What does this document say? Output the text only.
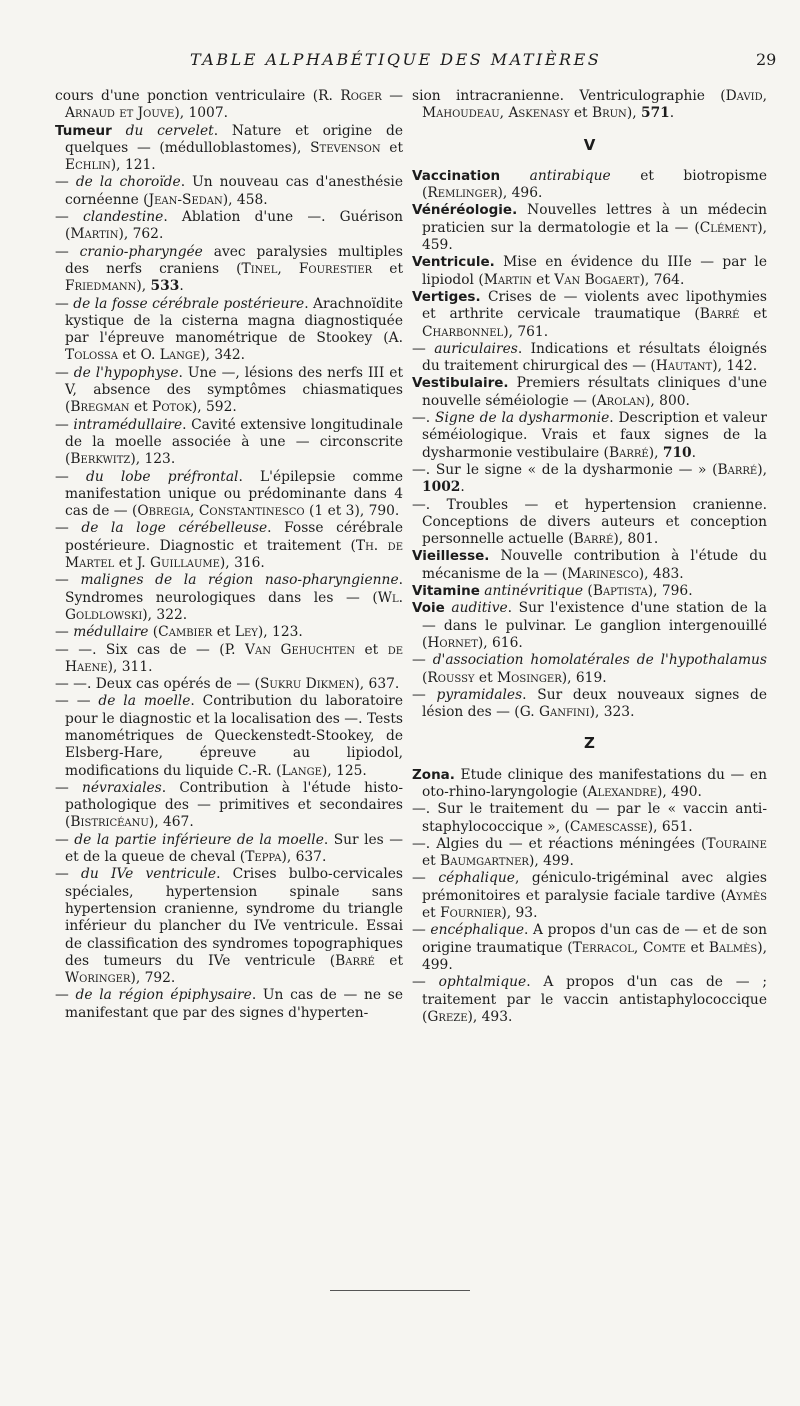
TABLE ALPHABÉTIQUE DES MATIÈRES	29

cours d'une ponction ventriculaire (R. Roger — Arnaud et Jouve), 1007.

Tumeur du cervelet. Nature et origine de quelques — (médulloblastomes), Stevenson et Echlin), 121.

— de la choroïde. Un nouveau cas d'anesthésie cornéenne (Jean-Sedan), 458.

— clandestine. Ablation d'une —. Guérison (Martin), 762.

— cranio-pharyngée avec paralysies multiples des nerfs craniens (Tinel, Fourestier et Friedmann), 533.

— de la fosse cérébrale postérieure. Arachnoïdite kystique de la cisterna magna diagnostiquée par l'épreuve manométrique de Stookey (A. Tolossa et O. Lange), 342.

— de l'hypophyse. Une —, lésions des nerfs III et V, absence des symptômes chiasmatiques (Bregman et Potok), 592.

— intramédullaire. Cavité extensive longitudinale de la moelle associée à une — circonscrite (Berkwitz), 123.

— du lobe préfrontal. L'épilepsie comme manifestation unique ou prédominante dans 4 cas de — (Obregia, Constantinesco (1 et 3), 790.

— de la loge cérébelleuse. Fosse cérébrale postérieure. Diagnostic et traitement (Th. de Martel et J. Guillaume), 316.

— malignes de la région naso-pharyngienne. Syndromes neurologiques dans les — (Wl. Goldlowski), 322.

— médullaire (Cambier et Ley), 123.

— —. Six cas de — (P. Van Gehuchten et de Haene), 311.

— —. Deux cas opérés de — (Sukru Dikmen), 637.

— — de la moelle. Contribution du laboratoire pour le diagnostic et la localisation des —. Tests manométriques de Queckenstedt-Stookey, de Elsberg-Hare, épreuve au lipiodol, modifications du liquide C.-R. (Lange), 125.

— névraxiales. Contribution à l'étude histo-pathologique des — primitives et secondaires (Bistricéanu), 467.

— de la partie inférieure de la moelle. Sur les — et de la queue de cheval (Teppa), 637.

— du IVe ventricule. Crises bulbo-cervicales spéciales, hypertension spinale sans hypertension cranienne, syndrome du triangle inférieur du plancher du IVe ventricule. Essai de classification des syndromes topographiques des tumeurs du IVe ventricule (Barré et Woringer), 792.

— de la région épiphysaire. Un cas de — ne se manifestant que par des signes d'hyperten-

sion intracranienne. Ventriculographie (David, Mahoudeau, Askenasy et Brun), 571.

V

Vaccination antirabique et biotropisme (Remlinger), 496.

Vénéréologie. Nouvelles lettres à un médecin praticien sur la dermatologie et la — (Clément), 459.

Ventricule. Mise en évidence du IIIe — par le lipiodol (Martin et Van Bogaert), 764.

Vertiges. Crises de — violents avec lipothymies et arthrite cervicale traumatique (Barré et Charbonnel), 761.

— auriculaires. Indications et résultats éloignés du traitement chirurgical des — (Hautant), 142.

Vestibulaire. Premiers résultats cliniques d'une nouvelle séméiologie — (Arolan), 800.

—. Signe de la dysharmonie. Description et valeur séméiologique. Vrais et faux signes de la dysharmonie vestibulaire (Barré), 710.

—. Sur le signe « de la dysharmonie — » (Barré), 1002.

—. Troubles — et hypertension cranienne. Conceptions de divers auteurs et conception personnelle actuelle (Barré), 801.

Vieillesse. Nouvelle contribution à l'étude du mécanisme de la — (Marinesco), 483.

Vitamine antinévritique (Baptista), 796.

Voie auditive. Sur l'existence d'une station de la — dans le pulvinar. Le ganglion intergenouillé (Hornet), 616.

— d'association homolatérales de l'hypothalamus (Roussy et Mosinger), 619.

— pyramidales. Sur deux nouveaux signes de lésion des — (G. Ganfini), 323.

Z

Zona. Etude clinique des manifestations du — en oto-rhino-laryngologie (Alexandre), 490.

—. Sur le traitement du — par le « vaccin anti-staphylococcique », (Camescasse), 651.

—. Algies du — et réactions méningées (Touraine et Baumgartner), 499.

— céphalique, géniculo-trigéminal avec algies prémonitoires et paralysie faciale tardive (Aymès et Fournier), 93.

— encéphalique. A propos d'un cas de — et de son origine traumatique (Terracol, Comte et Balmès), 499.

— ophtalmique. A propos d'un cas de — ; traitement par le vaccin antistaphylococcique (Greze), 493.
